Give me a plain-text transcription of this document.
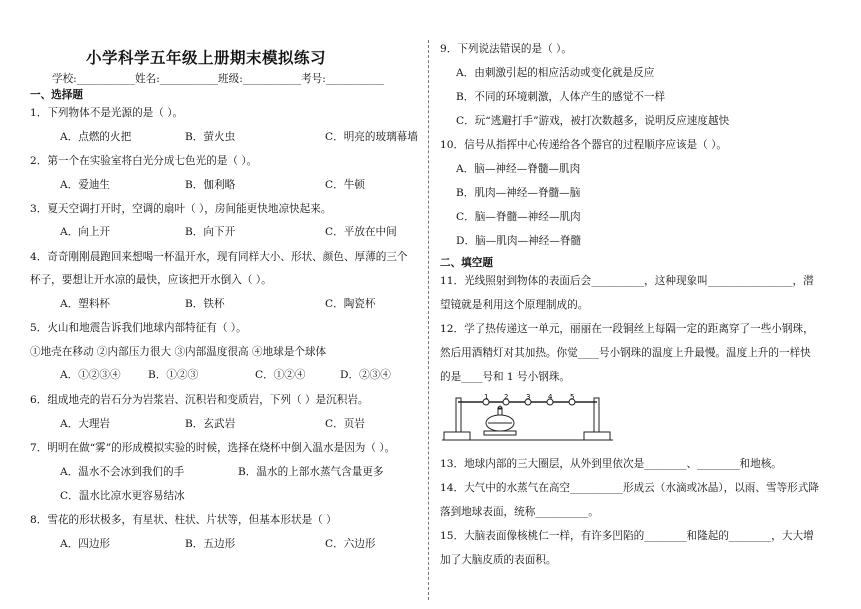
小学科学五年级上册期末模拟练习
学校:___________姓名:___________班级:___________考号:___________
一、选择题
1．下列物体不是光源的是（ ）。
A．点燃的火把	B．萤火虫	C．明亮的玻璃幕墙
2．第一个在实验室将白光分成七色光的是（ ）。
A．爱迪生	B．伽利略	C．牛顿
3．夏天空调打开时，空调的扇叶（ ），房间能更快地凉快起来。
A．向上开	B．向下开	C．平放在中间
4．奇奇刚刚晨跑回来想喝一杯温开水，现有同样大小、形状、颜色、厚薄的三个
杯子，要想让开水凉的最快，应该把开水倒入（ ）。
A．塑料杯	B．铁杯	C．陶瓷杯
5．火山和地震告诉我们地球内部特征有（ ）。
①地壳在移动 ②内部压力很大 ③内部温度很高 ④地球是个球体
A．①②③④	B．①②③	C．①②④	D．②③④
6．组成地壳的岩石分为岩浆岩、沉积岩和变质岩，下列（ ）是沉积岩。
A．大理岩	B．玄武岩	C．页岩
7．明明在做“雾”的形成模拟实验的时候，选择在烧杯中倒入温水是因为（ ）。
A．温水不会冰到我们的手	B．温水的上部水蒸气含量更多
C．温水比凉水更容易结冰
8．雪花的形状极多，有星状、柱状、片状等，但基本形状是（ ）
A．四边形	B．五边形	C．六边形
9．下列说法错误的是（ ）。
A．由刺激引起的相应活动或变化就是反应
B．不同的环境刺激，人体产生的感觉不一样
C．玩“逃避打手”游戏，被打次数越多，说明反应速度越快
10．信号从指挥中心传递给各个器官的过程顺序应该是（ ）。
A．脑—神经—脊髓—肌肉
B．肌肉—神经—脊髓—脑
C．脑—脊髓—神经—肌肉
D．脑—肌肉—神经—脊髓
二、填空题
11．光线照射到物体的表面后会__________，这种现象叫________________，潜
望镜就是利用这个原理制成的。
12．学了热传递这一单元，丽丽在一段铜丝上每隔一定的距离穿了一些小钢珠，
然后用酒精灯对其加热。你觉____号小钢珠的温度上升最慢。温度上升的一样快
的是____号和 1 号小钢珠。
1 2	3	4	5
13．地球内部的三大圈层，从外到里依次是________、________和地核。
14．大气中的水蒸气在高空__________形成云（水滴或冰晶），以雨、雪等形式降
落到地球表面，统称__________。
15．大脑表面像核桃仁一样，有许多凹陷的________和隆起的________，大大增
加了大脑皮质的表面积。
